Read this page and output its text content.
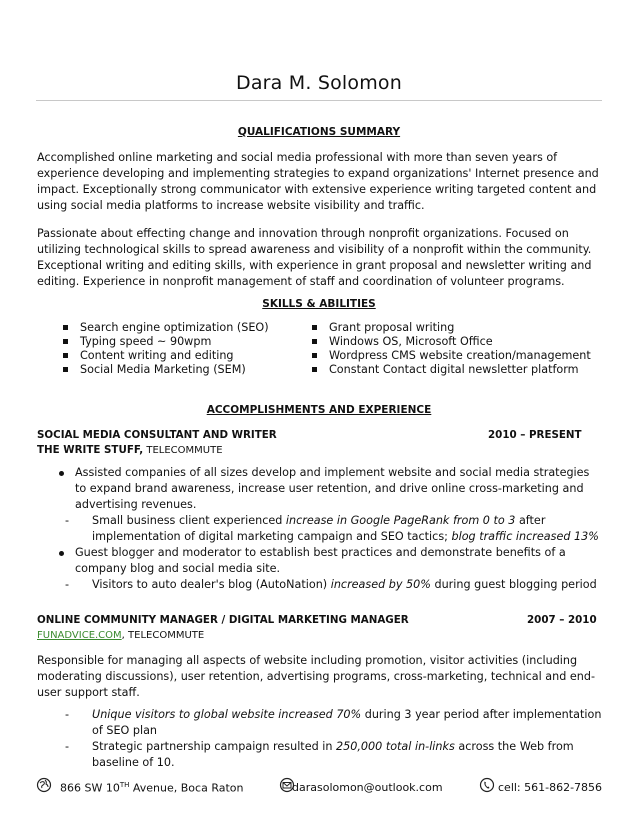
Dara M. Solomon
QUALIFICATIONS SUMMARY
Accomplished online marketing and social media professional with more than seven years of experience developing and implementing strategies to expand organizations' Internet presence and impact. Exceptionally strong communicator with extensive experience writing targeted content and using social media platforms to increase website visibility and traffic.
Passionate about effecting change and innovation through nonprofit organizations. Focused on utilizing technological skills to spread awareness and visibility of a nonprofit within the community. Exceptional writing and editing skills, with experience in grant proposal and newsletter writing and editing. Experience in nonprofit management of staff and coordination of volunteer programs.
SKILLS & ABILITIES
Search engine optimization (SEO)
Typing speed ~ 90wpm
Content writing and editing
Social Media Marketing (SEM)
Grant proposal writing
Windows OS, Microsoft Office
Wordpress CMS website creation/management
Constant Contact digital newsletter platform
ACCOMPLISHMENTS AND EXPERIENCE
SOCIAL MEDIA CONSULTANT AND WRITER	2010 – PRESENT
THE WRITE STUFF, TELECOMMUTE
Assisted companies of all sizes develop and implement website and social media strategies to expand brand awareness, increase user retention, and drive online cross-marketing and advertising revenues.
- Small business client experienced increase in Google PageRank from 0 to 3 after implementation of digital marketing campaign and SEO tactics; blog traffic increased 13%
Guest blogger and moderator to establish best practices and demonstrate benefits of a company blog and social media site.
- Visitors to auto dealer's blog (AutoNation) increased by 50% during guest blogging period
ONLINE COMMUNITY MANAGER / DIGITAL MARKETING MANAGER	2007 – 2010
FUNADVICE.COM, TELECOMMUTE
Responsible for managing all aspects of website including promotion, visitor activities (including moderating discussions), user retention, advertising programs, cross-marketing, technical and end-user support staff.
- Unique visitors to global website increased 70% during 3 year period after implementation of SEO plan
- Strategic partnership campaign resulted in 250,000 total in-links across the Web from baseline of 10.
866 SW 10TH Avenue, Boca Raton	darasolomon@outlook.com	cell: 561-862-7856
